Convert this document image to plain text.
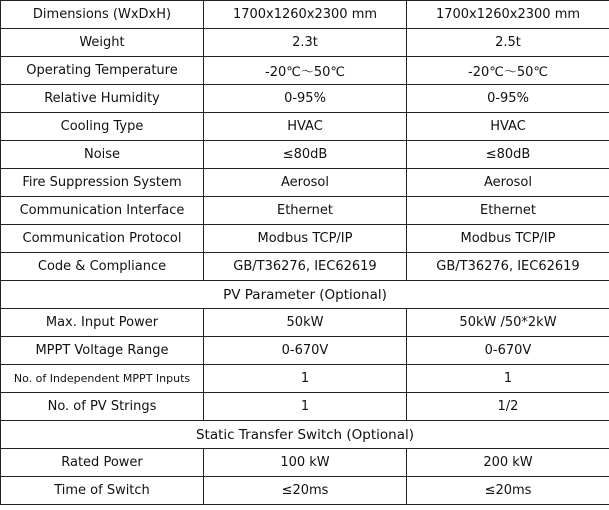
Dimensions (WxDxH)	1700x1260x2300 mm	1700x1260x2300 mm
Weight	2.3t	2.5t
Operating Temperature	-20℃～50℃	-20℃～50℃
Relative Humidity	0-95%	0-95%
Cooling Type	HVAC	HVAC
Noise	≤80dB	≤80dB
Fire Suppression System	Aerosol	Aerosol
Communication Interface	Ethernet	Ethernet
Communication Protocol	Modbus TCP/IP	Modbus TCP/IP
Code & Compliance	GB/T36276, IEC62619	GB/T36276, IEC62619
PV Parameter (Optional)		
Max. Input Power	50kW	50kW /50*2kW
MPPT Voltage Range	0-670V	0-670V
No. of Independent MPPT Inputs	1	1
No. of PV Strings	1	1/2
Static Transfer Switch (Optional)		
Rated Power	100 kW	200 kW
Time of Switch	≤20ms	≤20ms
